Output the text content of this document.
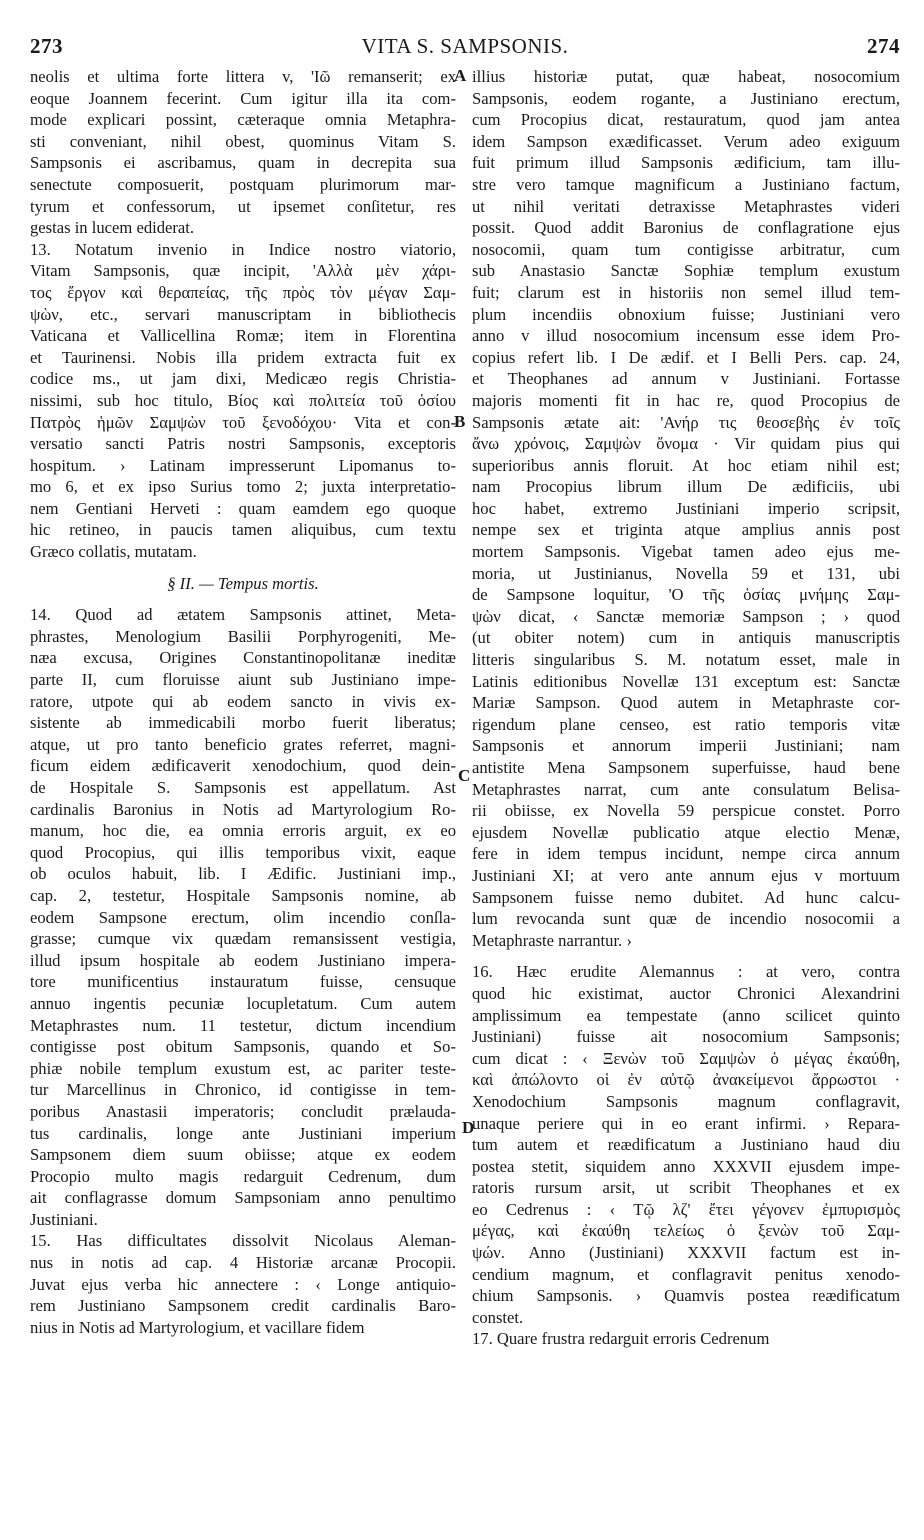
273	VITA S. SAMPSONIS.	274
neolis et ultima forte littera v, 'Iῶ remanserit; ex
eoque Joannem fecerint. Cum igitur illa ita com-
mode explicari possint, cæteraque omnia Metaphra-
sti conveniant, nihil obest, quominus Vitam S.
Sampsonis ei ascribamus, quam in decrepita sua
senectute composuerit, postquam plurimorum mar-
tyrum et confessorum, ut ipsemet conſitetur, res
gestas in lucem ediderat.
13. Notatum invenio in Indice nostro viatorio,
Vitam Sampsonis, quæ incipit, 'Αλλὰ μὲν χάρι-
τος ἔργον καὶ θεραπείας, τῆς πρὸς τὸν μέγαν Σαμ-
ψὼν, etc., servari manuscriptam in bibliothecis
Vaticana et Vallicellina Romæ; item in Florentina
et Taurinensi. Nobis illa pridem extracta fuit ex
codice ms., ut jam dixi, Medicæo regis Christia-
nissimi, sub hoc titulo, Βίος καὶ πολιτεία τοῦ ὁσίου
Πατρὸς ἡμῶν Σαμψὼν τοῦ ξενοδόχου· Vita et con-
versatio sancti Patris nostri Sampsonis, exceptoris
hospitum. › Latinam impresserunt Lipomanus to-
mo 6, et ex ipso Surius tomo 2; juxta interpretatio-
nem Gentiani Herveti : quam eamdem ego quoque
hic retineo, in paucis tamen aliquibus, cum textu
Græco collatis, mutatam.
§ II. — Tempus mortis.
14. Quod ad ætatem Sampsonis attinet, Meta-
phrastes, Menologium Basilii Porphyrogeniti, Me-
næa excusa, Origines Constantinopolitanæ ineditæ
parte II, cum floruisse aiunt sub Justiniano impe-
ratore, utpote qui ab eodem sancto in vivis ex-
sistente ab immedicabili morbo fuerit liberatus;
atque, ut pro tanto beneficio grates referret, magni-
ficum eidem ædificaverit xenodochium, quod dein-
de Hospitale S. Sampsonis est appellatum. Ast
cardinalis Baronius in Notis ad Martyrologium Ro-
manum, hoc die, ea omnia erroris arguit, ex eo
quod Procopius, qui illis temporibus vixit, eaque
ob oculos habuit, lib. I Ædific. Justiniani imp.,
cap. 2, testetur, Hospitale Sampsonis nomine, ab
eodem Sampsone erectum, olim incendio conſla-
grasse; cumque vix quædam remansissent vestigia,
illud ipsum hospitale ab eodem Justiniano impera-
tore munificentius instauratum fuisse, censuque
annuo ingentis pecuniæ locupletatum. Cum autem
Metaphrastes num. 11 testetur, dictum incendium
contigisse post obitum Sampsonis, quando et So-
phiæ nobile templum exustum est, ac pariter teste-
tur Marcellinus in Chronico, id contigisse in tem-
poribus Anastasii imperatoris; concludit prælauda-
tus cardinalis, longe ante Justiniani imperium
Sampsonem diem suum obiisse; atque ex eodem
Procopio multo magis redarguit Cedrenum, dum
ait conflagrasse domum Sampsoniam anno penultimo
Justiniani.
15. Has difficultates dissolvit Nicolaus Aleman-
nus in notis ad cap. 4 Historiæ arcanæ Procopii.
Juvat ejus verba hic annectere : ‹ Longe antiquio-
rem Justiniano Sampsonem credit cardinalis Baro-
nius in Notis ad Martyrologium, et vacillare fidem
illius historiæ putat, quæ habeat, nosocomium
Sampsonis, eodem rogante, a Justiniano erectum,
cum Procopius dicat, restauratum, quod jam antea
idem Sampson exædificasset. Verum adeo exiguum
fuit primum illud Sampsonis ædificium, tam illu-
stre vero tamque magnificum a Justiniano factum,
ut nihil veritati detraxisse Metaphrastes videri
possit. Quod addit Baronius de conflagratione ejus
nosocomii, quam tum contigisse arbitratur, cum
sub Anastasio Sanctæ Sophiæ templum exustum
fuit; clarum est in historiis non semel illud tem-
plum incendiis obnoxium fuisse; Justiniani vero
anno v illud nosocomium incensum esse idem Pro-
copius refert lib. I De ædif. et I Belli Pers. cap. 24,
et Theophanes ad annum v Justiniani. Fortasse
majoris momenti fit in hac re, quod Procopius de
Sampsonis ætate ait: 'Ανήρ τις θεοσεβὴς ἐν τοῖς
ἄνω χρόνοις, Σαμψὼν ὄνομα · Vir quidam pius qui
superioribus annis floruit. At hoc etiam nihil est;
nam Procopius librum illum De ædificiis, ubi
hoc habet, extremo Justiniani imperio scripsit,
nempe sex et triginta atque amplius annis post
mortem Sampsonis. Vigebat tamen adeo ejus me-
moria, ut Justinianus, Novella 59 et 131, ubi
de Sampsone loquitur, 'Ο τῆς ὁσίας μνήμης Σαμ-
ψὼν dicat, ‹ Sanctæ memoriæ Sampson ; › quod
(ut obiter notem) cum in antiquis manuscriptis
litteris singularibus S. M. notatum esset, male in
Latinis editionibus Novellæ 131 exceptum est: Sanctæ
Mariæ Sampson. Quod autem in Metaphraste cor-
rigendum plane censeo, est ratio temporis vitæ
Sampsonis et annorum imperii Justiniani; nam
antistite Mena Sampsonem superfuisse, haud bene
Metaphrastes narrat, cum ante consulatum Belisa-
rii obiisse, ex Novella 59 perspicue constet. Porro
ejusdem Novellæ publicatio atque electio Menæ,
fere in idem tempus incidunt, nempe circa annum
Justiniani XI; at vero ante annum ejus v mortuum
Sampsonem fuisse nemo dubitet. Ad hunc calcu-
lum revocanda sunt quæ de incendio nosocomii a
Metaphraste narrantur. ›
16. Hæc erudite Alemannus : at vero, contra
quod hic existimat, auctor Chronici Alexandrini
amplissimum ea tempestate (anno scilicet quinto
Justiniani) fuisse ait nosocomium Sampsonis;
cum dicat : ‹ Ξενὼν τοῦ Σαμψὼν ὁ μέγας ἐκαύθη,
καὶ ἀπώλοντο οἱ ἐν αὐτῷ ἀνακείμενοι ἄρρωστοι ·
Xenodochium Sampsonis magnum conflagravit,
unaque periere qui in eo erant infirmi. › Repara-
tum autem et reædificatum a Justiniano haud diu
postea stetit, siquidem anno XXXVII ejusdem impe-
ratoris rursum arsit, ut scribit Theophanes et ex
eo Cedrenus : ‹ Τῷ λζ' ἔτει γέγονεν ἐμπυρισμὸς
μέγας, καὶ ἐκαύθη τελείως ὁ ξενὼν τοῦ Σαμ-
ψών. Anno (Justiniani) XXXVII factum est in-
cendium magnum, et conflagravit penitus xenodo-
chium Sampsonis. › Quamvis postea reædificatum
constet.
17. Quare frustra redarguit erroris Cedrenum
A
B
C
D
